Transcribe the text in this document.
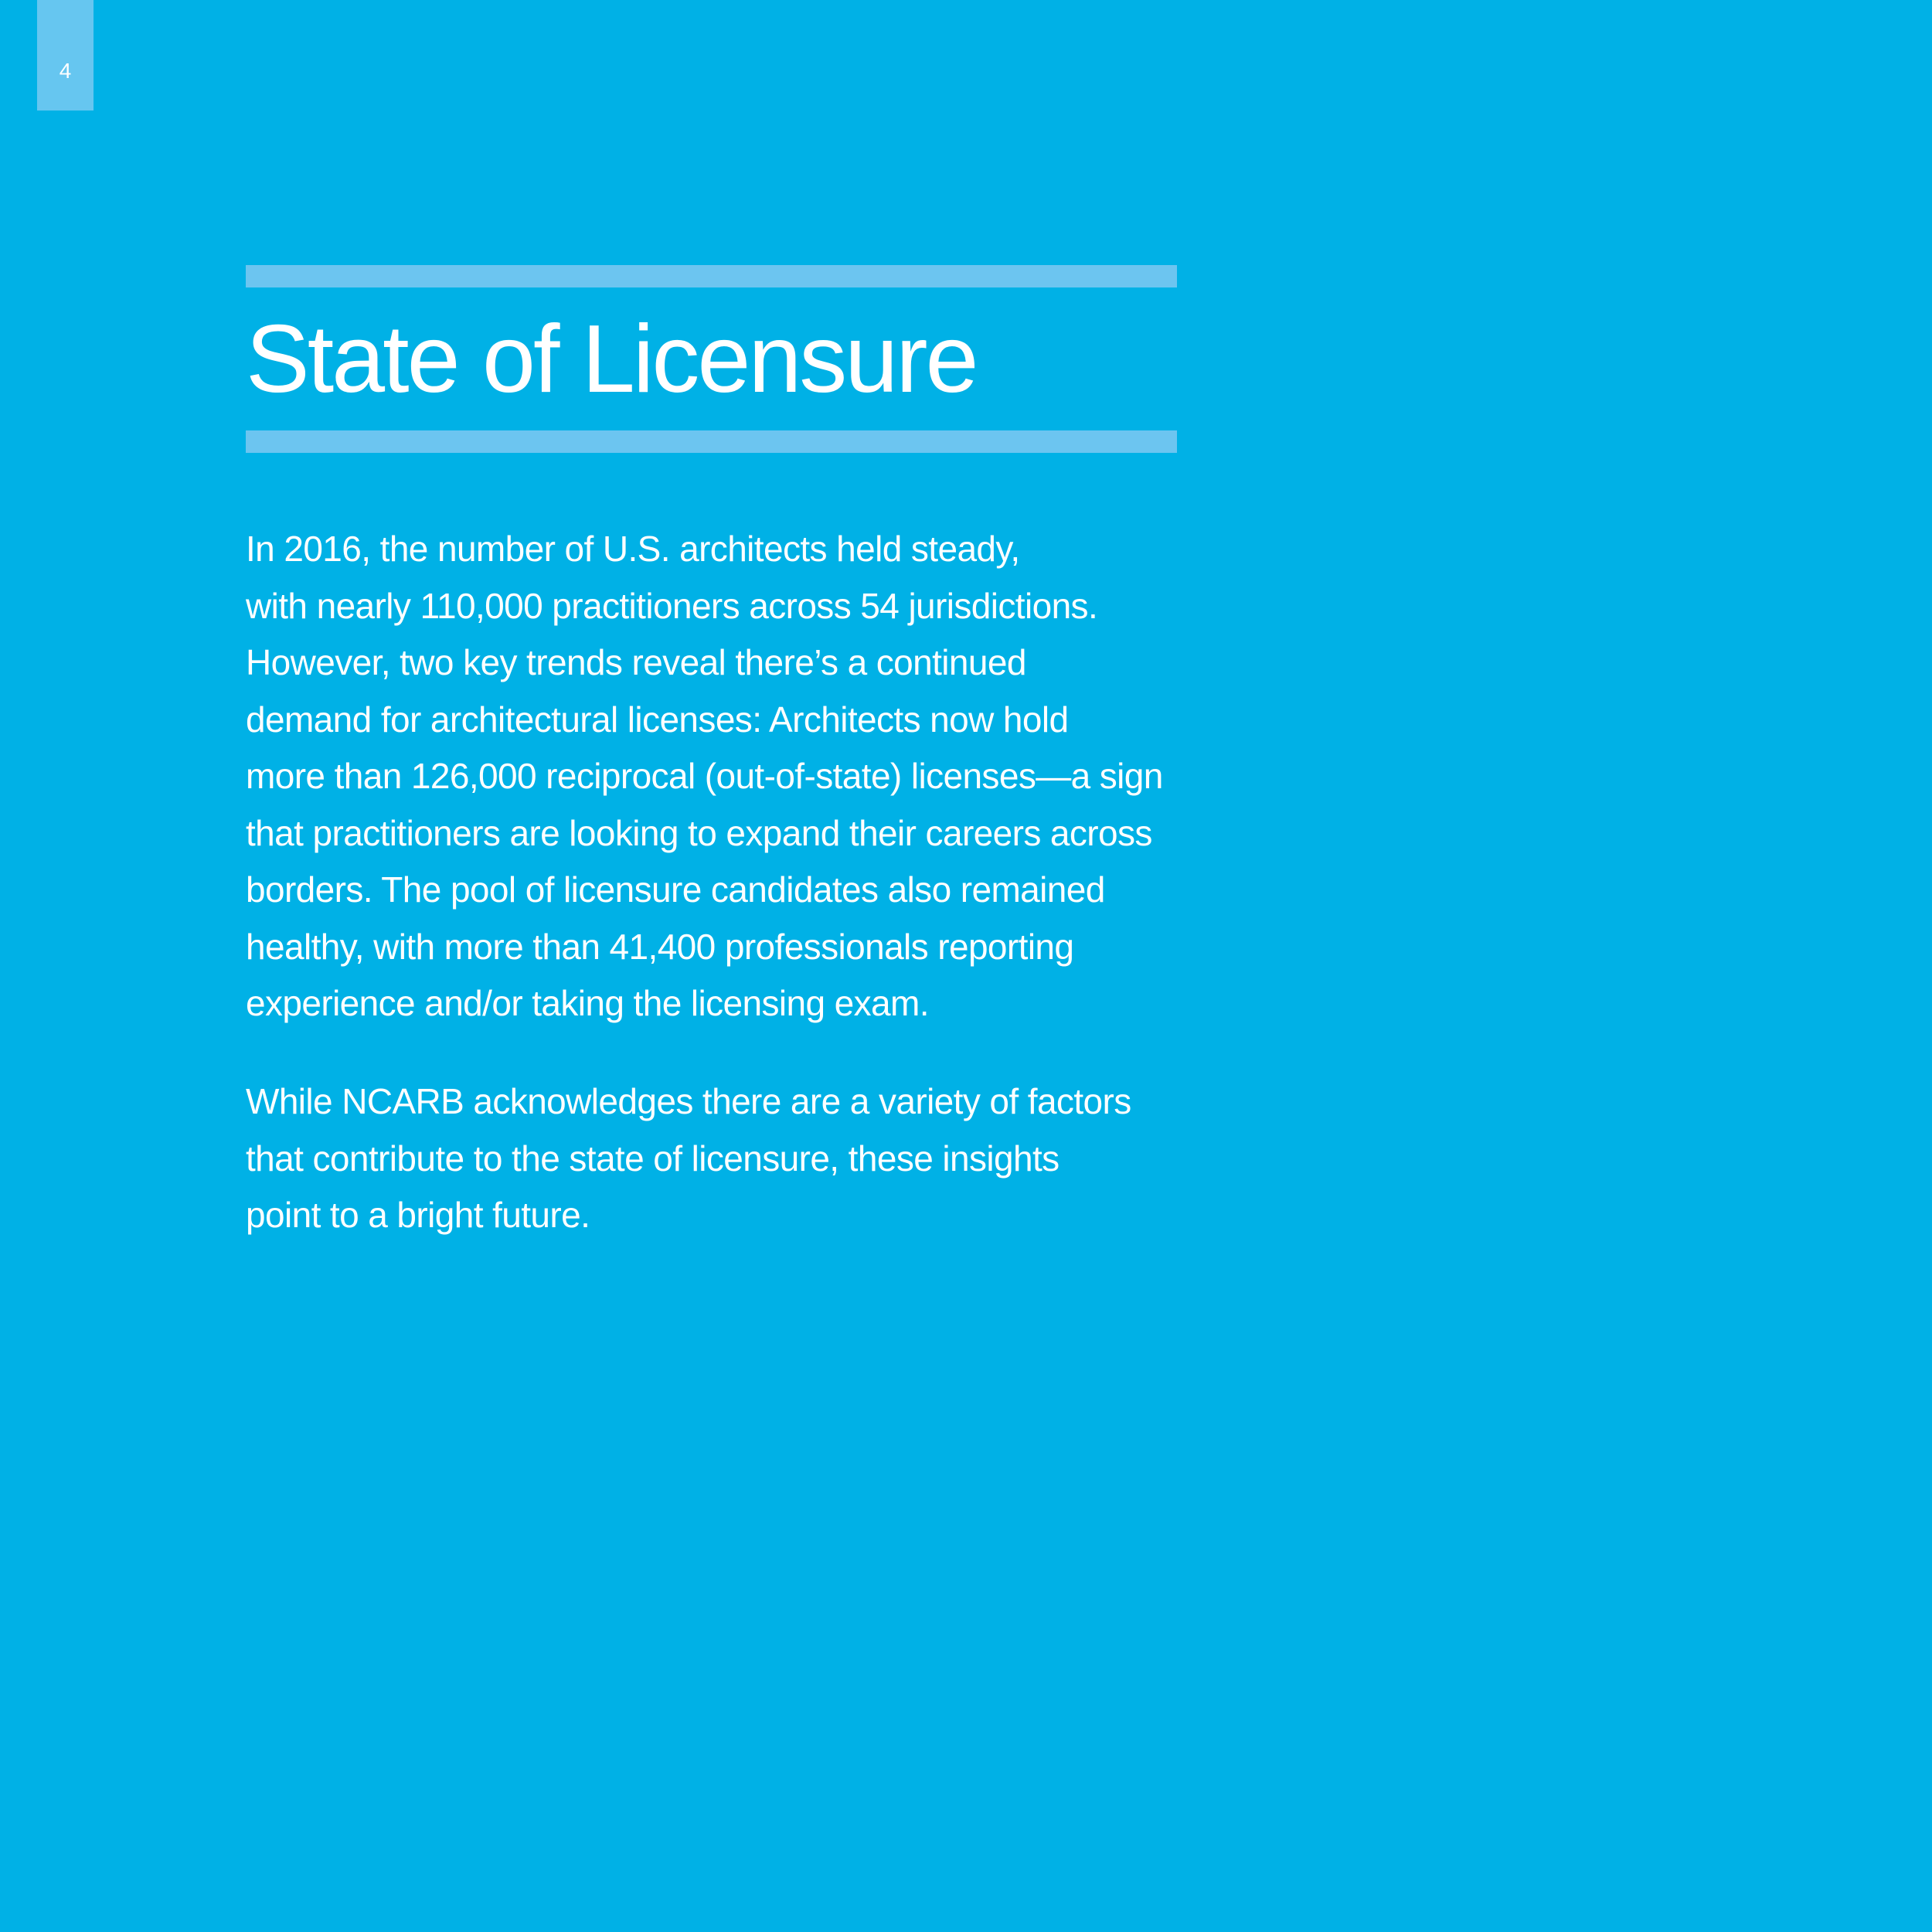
4
State of Licensure

In 2016, the number of U.S. architects held steady,
with nearly 110,000 practitioners across 54 jurisdictions.
However, two key trends reveal there’s a continued
demand for architectural licenses: Architects now hold
more than 126,000 reciprocal (out-of-state) licenses—a sign
that practitioners are looking to expand their careers across
borders. The pool of licensure candidates also remained
healthy, with more than 41,400 professionals reporting
experience and/or taking the licensing exam.

While NCARB acknowledges there are a variety of factors
that contribute to the state of licensure, these insights
point to a bright future.
